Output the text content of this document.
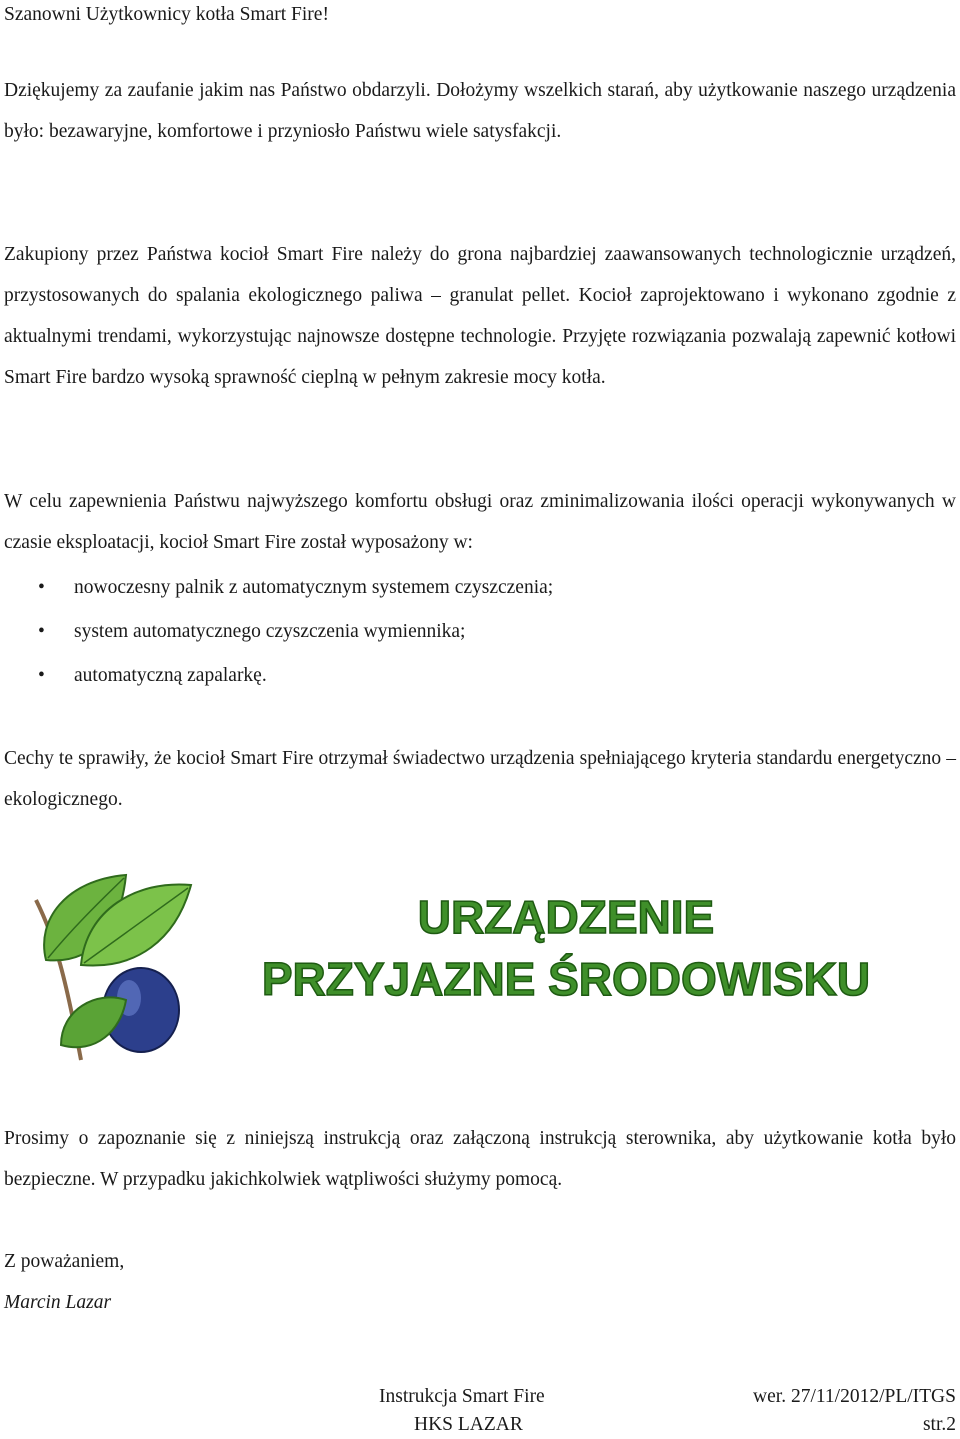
Szanowni Użytkownicy kotła Smart Fire!

Dziękujemy za zaufanie jakim nas Państwo obdarzyli. Dołożymy wszelkich starań, aby użytkowanie naszego urządzenia było: bezawaryjne, komfortowe i przyniosło Państwu wiele satysfakcji.

Zakupiony przez Państwa kocioł Smart Fire należy do grona najbardziej zaawansowanych technologicznie urządzeń, przystosowanych do spalania ekologicznego paliwa – granulat pellet. Kocioł zaprojektowano i wykonano zgodnie z aktualnymi trendami, wykorzystując najnowsze dostępne technologie. Przyjęte rozwiązania pozwalają zapewnić kotłowi Smart Fire bardzo wysoką sprawność cieplną w pełnym zakresie mocy kotła.

W celu zapewnienia Państwu najwyższego komfortu obsługi oraz zminimalizowania ilości operacji wykonywanych w czasie eksploatacji, kocioł Smart Fire został wyposażony w:

• nowoczesny palnik z automatycznym systemem czyszczenia;
• system automatycznego czyszczenia wymiennika;
• automatyczną zapalarkę.

Cechy te sprawiły, że kocioł Smart Fire otrzymał świadectwo urządzenia spełniającego kryteria standardu energetyczno – ekologicznego.

URZĄDZENIE
PRZYJAZNE ŚRODOWISKU

Prosimy o zapoznanie się z niniejszą instrukcją oraz załączoną instrukcją sterownika, aby użytkowanie kotła było bezpieczne. W przypadku jakichkolwiek wątpliwości służymy pomocą.

Z poważaniem,
Marcin Lazar
Instrukcja Smart Fire
HKS LAZAR
wer. 27/11/2012/PL/ITGS
str.2
